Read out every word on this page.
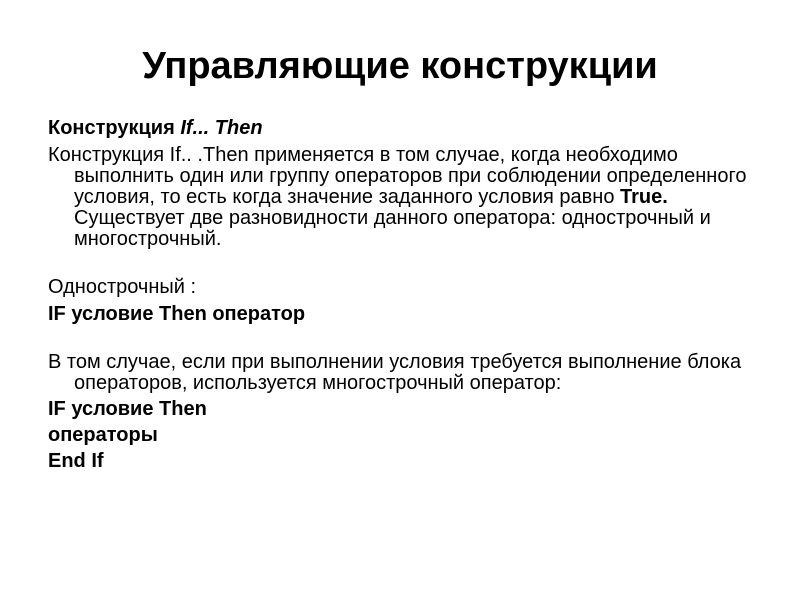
Управляющие конструкции

Конструкция If... Then

Конструкция If.. .Then применяется в том случае, когда необходимо выполнить один или группу операторов при соблюдении определенного условия, то есть когда значение заданного условия равно True. Существует две разновидности данного оператора: однострочный и многострочный.

Однострочный :

IF условие Then оператор

В том случае, если при выполнении условия требуется выполнение блока операторов, используется многострочный оператор:

IF условие Then

операторы

End If
